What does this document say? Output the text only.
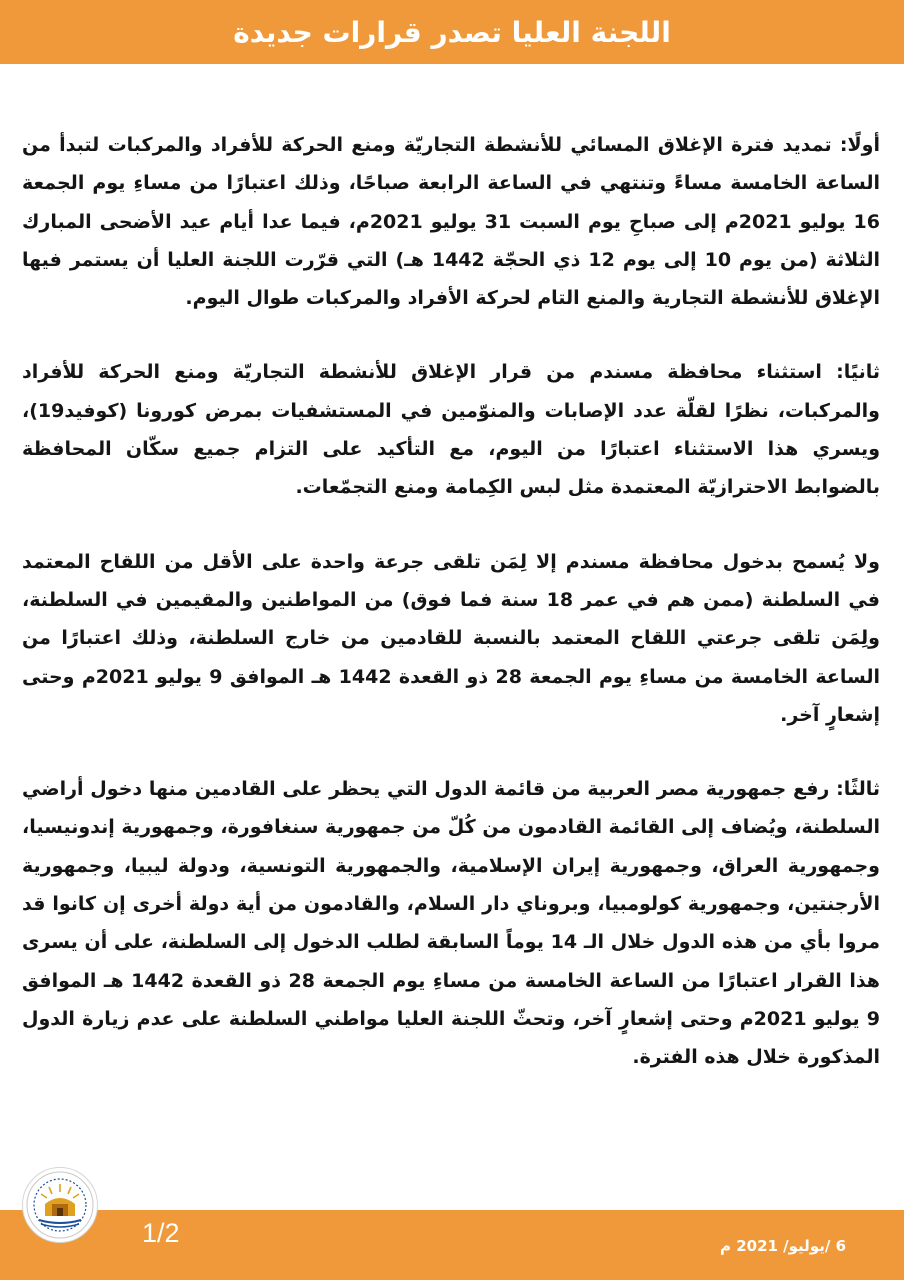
اللجنة العليا تصدر قرارات جديدة

أولًا: تمديد فترة الإغلاق المسائي للأنشطة التجاريّة ومنع الحركة للأفراد والمركبات لتبدأ من الساعة الخامسة مساءً وتنتهي في الساعة الرابعة صباحًا، وذلك اعتبارًا من مساءِ يوم الجمعة 16 يوليو 2021م إلى صباحِ يوم السبت 31 يوليو 2021م، فيما عدا أيام عيد الأضحى المبارك الثلاثة (من يوم 10 إلى يوم 12 ذي الحجّة 1442 هـ) التي قرّرت اللجنة العليا أن يستمر فيها الإغلاق للأنشطة التجارية والمنع التام لحركة الأفراد والمركبات طوال اليوم.

ثانيًا: استثناء محافظة مسندم من قرار الإغلاق للأنشطة التجاريّة ومنع الحركة للأفراد والمركبات، نظرًا لقلّة عدد الإصابات والمنوّمين في المستشفيات بمرض كورونا (كوفيد19)، ويسري هذا الاستثناء اعتبارًا من اليوم، مع التأكيد على التزام جميع سكّان المحافظة بالضوابط الاحترازيّة المعتمدة مثل لبس الكِمامة ومنع التجمّعات.

ولا يُسمح بدخول محافظة مسندم إلا لِمَن تلقى جرعة واحدة على الأقل من اللقاح المعتمد في السلطنة (ممن هم في عمر 18 سنة فما فوق) من المواطنين والمقيمين في السلطنة، ولِمَن تلقى جرعتي اللقاح المعتمد بالنسبة للقادمين من خارج السلطنة، وذلك اعتبارًا من الساعة الخامسة من مساءِ يوم الجمعة 28 ذو القعدة 1442 هـ الموافق 9 يوليو 2021م وحتى إشعارٍ آخر.

ثالثًا: رفع جمهورية مصر العربية من قائمة الدول التي يحظر على القادمين منها دخول أراضي السلطنة، ويُضاف إلى القائمة القادمون من كُلّ من جمهورية سنغافورة، وجمهورية إندونيسيا، وجمهورية العراق، وجمهورية إيران الإسلامية، والجمهورية التونسية، ودولة ليبيا، وجمهورية الأرجنتين، وجمهورية كولومبيا، وبروناي دار السلام، والقادمون من أية دولة أخرى إن كانوا قد مروا بأي من هذه الدول خلال الـ 14 يوماً السابقة لطلب الدخول إلى السلطنة، على أن يسرى هذا القرار اعتبارًا من الساعة الخامسة من مساءِ يوم الجمعة 28 ذو القعدة 1442 هـ الموافق 9 يوليو 2021م وحتى إشعارٍ آخر، وتحثّ اللجنة العليا مواطني السلطنة على عدم زيارة الدول المذكورة خلال هذه الفترة.

1/2	6 /يوليو/ 2021 م
